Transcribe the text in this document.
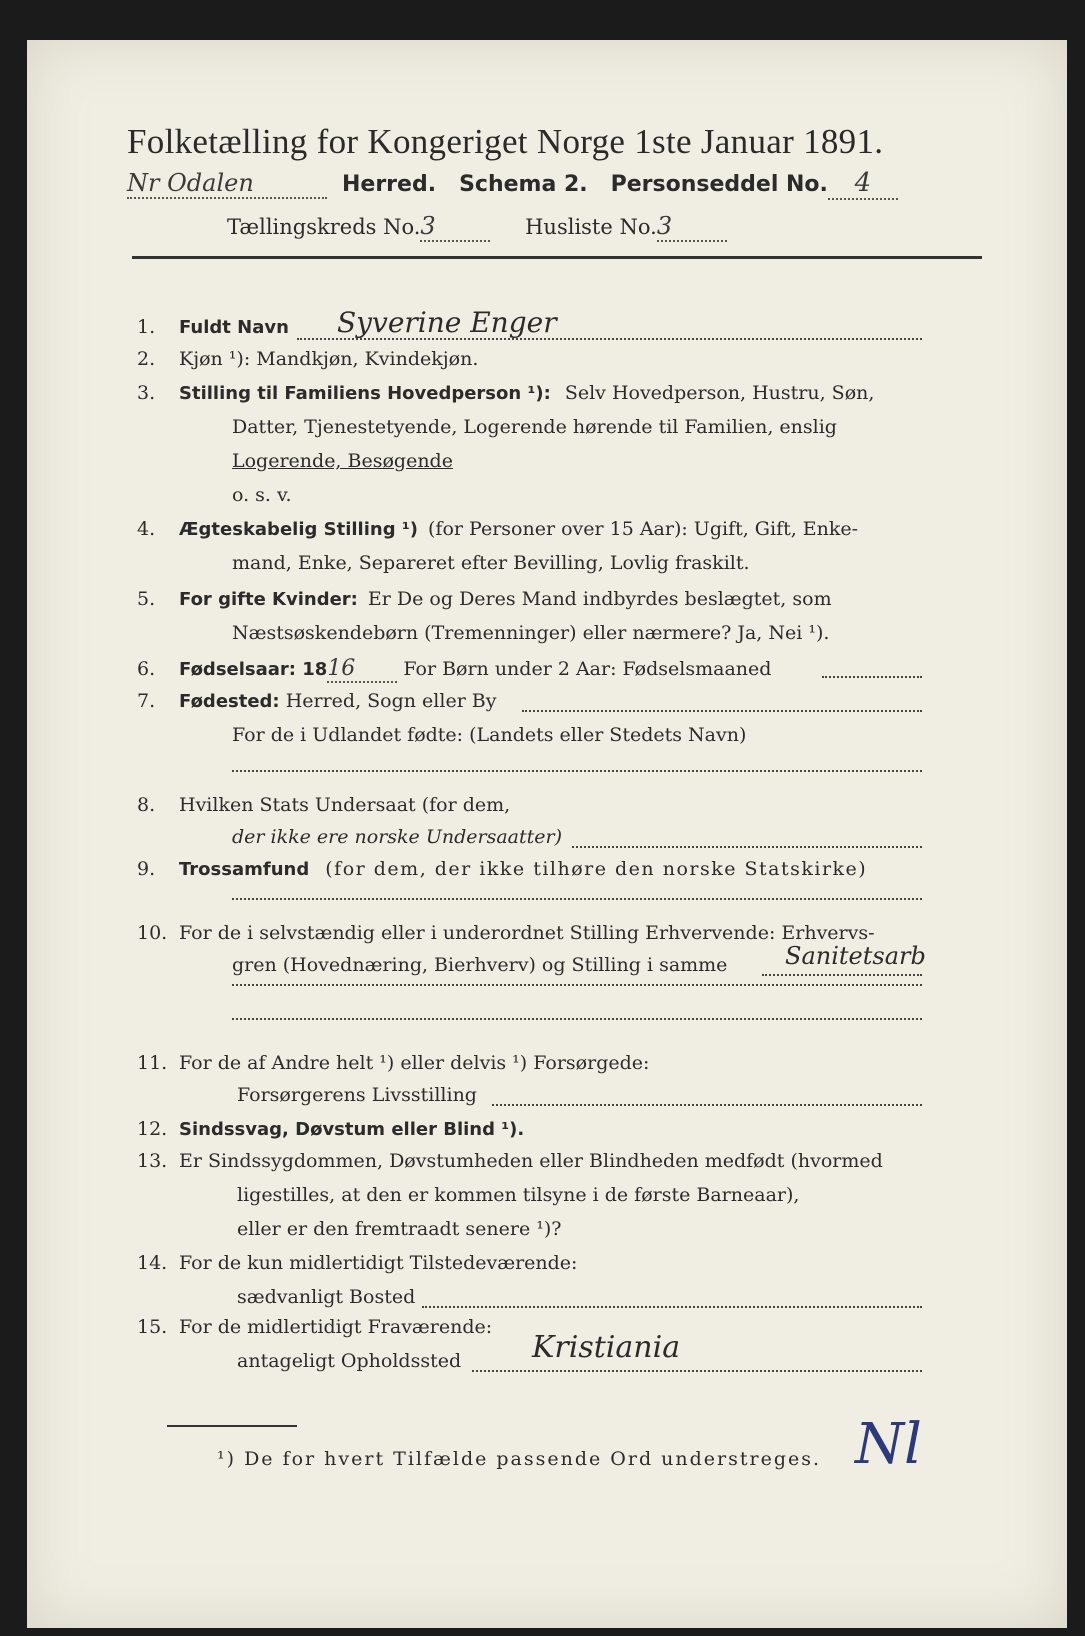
Folketælling for Kongeriget Norge 1ste Januar 1891.
Nr Odalen	Herred. Schema 2. Personseddel No. 4
Tællingskreds No.3	Husliste No.3
1. Fuldt Navn Syverine Enger
2. Kjøn ¹): Mandkjøn, Kvindekjøn.
3. Stilling til Familiens Hovedperson ¹): Selv Hovedperson, Hustru, Søn,
Datter, Tjenestetyende, Logerende hørende til Familien, enslig
Logerende, Besøgende
o. s. v.
4. Ægteskabelig Stilling ¹) (for Personer over 15 Aar): Ugift, Gift, Enke-
mand, Enke, Separeret efter Bevilling, Lovlig fraskilt.
5. For gifte Kvinder: Er De og Deres Mand indbyrdes beslægtet, som
Næstsøskendebørn (Tremenninger) eller nærmere? Ja, Nei ¹).
6. Fødselsaar: 1816	For Børn under 2 Aar: Fødselsmaaned
7. Fødested: Herred, Sogn eller By
For de i Udlandet fødte: (Landets eller Stedets Navn)
8. Hvilken Stats Undersaat (for dem,
der ikke ere norske Undersaatter)
9. Trossamfund (for dem, der ikke tilhøre den norske Statskirke)
10. For de i selvstændig eller i underordnet Stilling Erhvervende: Erhvervs-
gren (Hovednæring, Bierhverv) og Stilling i samme Sanitetsarb
11. For de af Andre helt ¹) eller delvis ¹) Forsørgede:
Forsørgerens Livsstilling
12. Sindssvag, Døvstum eller Blind ¹).
13. Er Sindssygdommen, Døvstumheden eller Blindheden medfødt (hvormed
ligestilles, at den er kommen tilsyne i de første Barneaar),
eller er den fremtraadt senere ¹)?
14. For de kun midlertidigt Tilstedeværende:
sædvanligt Bosted
15. For de midlertidigt Fraværende:
antageligt Opholdssted Kristiania
¹) De for hvert Tilfælde passende Ord understreges. Nl
